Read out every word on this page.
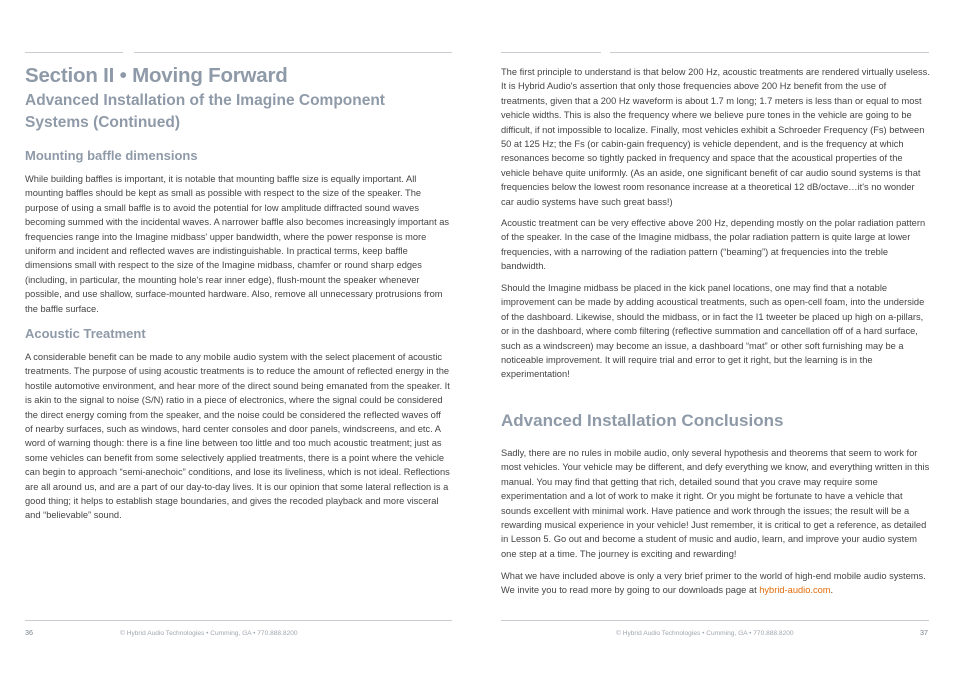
Section II • Moving Forward
Advanced Installation of the Imagine Component Systems (Continued)
Mounting baffle dimensions

While building baffles is important, it is notable that mounting baffle size is equally important. All mounting baffles should be kept as small as possible with respect to the size of the speaker. The purpose of using a small baffle is to avoid the potential for low amplitude diffracted sound waves becoming summed with the incidental waves. A narrower baffle also becomes increasingly important as frequencies range into the Imagine midbass' upper bandwidth, where the power response is more uniform and incident and reflected waves are indistinguishable. In practical terms, keep baffle dimensions small with respect to the size of the Imagine midbass, chamfer or round sharp edges (including, in particular, the mounting hole's rear inner edge), flush-mount the speaker whenever possible, and use shallow, surface-mounted hardware. Also, remove all unnecessary protrusions from the baffle surface.

Acoustic Treatment

A considerable benefit can be made to any mobile audio system with the select placement of acoustic treatments. The purpose of using acoustic treatments is to reduce the amount of reflected energy in the hostile automotive environment, and hear more of the direct sound being emanated from the speaker. It is akin to the signal to noise (S/N) ratio in a piece of electronics, where the signal could be considered the direct energy coming from the speaker, and the noise could be considered the reflected waves off of nearby surfaces, such as windows, hard center consoles and door panels, windscreens, and etc. A word of warning though: there is a fine line between too little and too much acoustic treatment; just as some vehicles can benefit from some selectively applied treatments, there is a point where the vehicle can begin to approach “semi-anechoic” conditions, and lose its liveliness, which is not ideal. Reflections are all around us, and are a part of our day-to-day lives. It is our opinion that some lateral reflection is a good thing; it helps to establish stage boundaries, and gives the recoded playback and more visceral and “believable” sound.

The first principle to understand is that below 200 Hz, acoustic treatments are rendered virtually useless. It is Hybrid Audio's assertion that only those frequencies above 200 Hz benefit from the use of treatments, given that a 200 Hz waveform is about 1.7 m long; 1.7 meters is less than or equal to most vehicle widths. This is also the frequency where we believe pure tones in the vehicle are going to be difficult, if not impossible to localize. Finally, most vehicles exhibit a Schroeder Frequency (Fs) between 50 at 125 Hz; the Fs (or cabin-gain frequency) is vehicle dependent, and is the frequency at which resonances become so tightly packed in frequency and space that the acoustical properties of the vehicle behave quite uniformly. (As an aside, one significant benefit of car audio sound systems is that frequencies below the lowest room resonance increase at a theoretical 12 dB/octave…it's no wonder car audio systems have such great bass!)

Acoustic treatment can be very effective above 200 Hz, depending mostly on the polar radiation pattern of the speaker. In the case of the Imagine midbass, the polar radiation pattern is quite large at lower frequencies, with a narrowing of the radiation pattern (“beaming”) at frequencies into the treble bandwidth.

Should the Imagine midbass be placed in the kick panel locations, one may find that a notable improvement can be made by adding acoustical treatments, such as open-cell foam, into the underside of the dashboard. Likewise, should the midbass, or in fact the I1 tweeter be placed up high on a-pillars, or in the dashboard, where comb filtering (reflective summation and cancellation off of a hard surface, such as a windscreen) may become an issue, a dashboard “mat” or other soft furnishing may be a noticeable improvement. It will require trial and error to get it right, but the learning is in the experimentation!

Advanced Installation Conclusions

Sadly, there are no rules in mobile audio, only several hypothesis and theorems that seem to work for most vehicles. Your vehicle may be different, and defy everything we know, and everything written in this manual. You may find that getting that rich, detailed sound that you crave may require some experimentation and a lot of work to make it right. Or you might be fortunate to have a vehicle that sounds excellent with minimal work. Have patience and work through the issues; the result will be a rewarding musical experience in your vehicle! Just remember, it is critical to get a reference, as detailed in Lesson 5. Go out and become a student of music and audio, learn, and improve your audio system one step at a time. The journey is exciting and rewarding!

What we have included above is only a very brief primer to the world of high-end mobile audio systems. We invite you to read more by going to our downloads page at hybrid-audio.com.

36	© Hybrid Audio Technologies • Cumming, GA • 770.888.8200	© Hybrid Audio Technologies • Cumming, GA • 770.888.8200	37
